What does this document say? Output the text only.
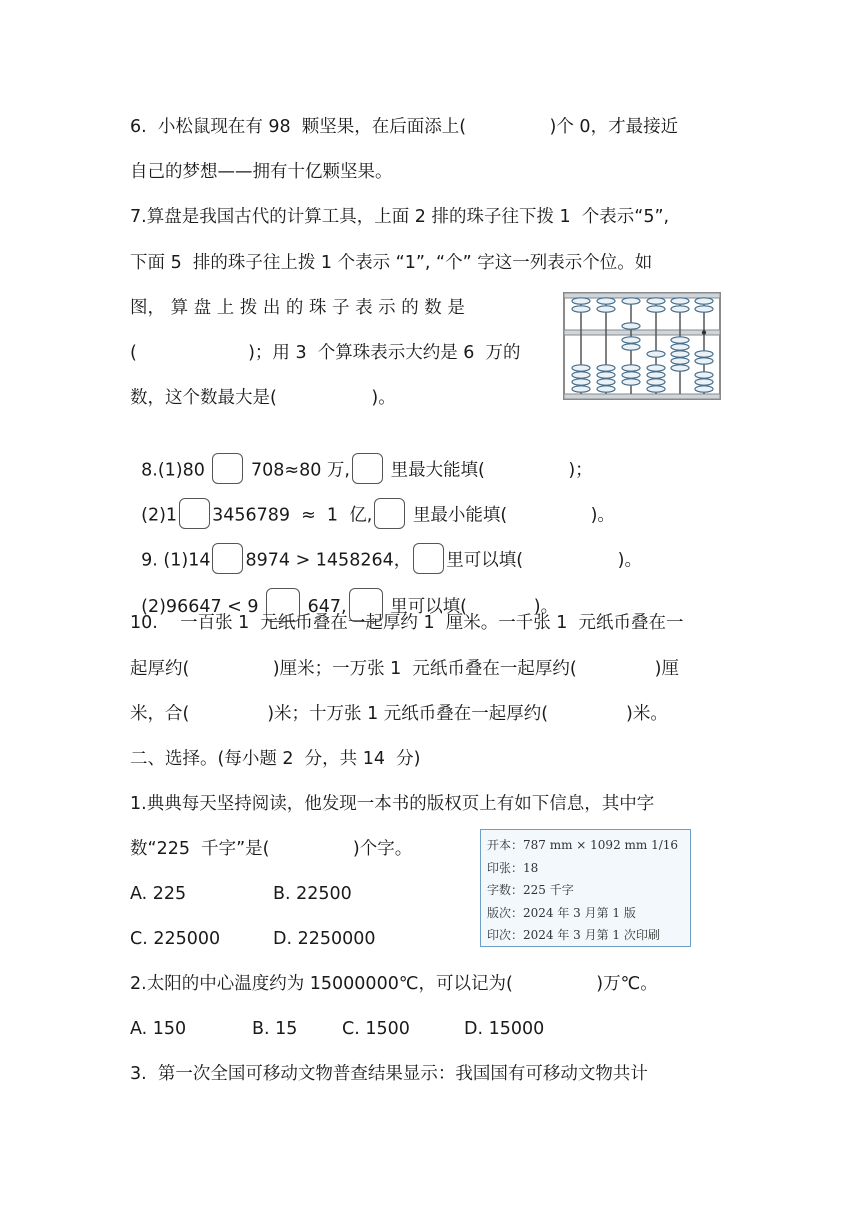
6.  小松鼠现在有 98  颗坚果，在后面添上(               )个 0，才最接近
自己的梦想——拥有十亿颗坚果。
7.算盘是我国古代的计算工具，上面 2 排的珠子往下拨 1  个表示“5”,
下面 5  排的珠子往上拨 1 个表示 “1”, “个” 字这一列表示个位。如
图， 算 盘 上 拨 出 的 珠 子 表 示 的 数 是
(                    )；用 3  个算珠表示大约是 6  万的
数，这个数最大是(                 )。

8.(1)80  708≈80 万, 里最大能填(               )；

(2)1 3456789  ≈  1  亿, 里最小能填(               )。

9. (1)14 8974 > 1458264， 里可以填(                 )。

(2)96647 < 9  647, 里可以填(            )。

10.    一百张 1  元纸币叠在一起厚约 1  厘米。一千张 1  元纸币叠在一
起厚约(               )厘米；一万张 1  元纸币叠在一起厚约(              )厘
米，合(              )米；十万张 1 元纸币叠在一起厚约(              )米。
二、选择。(每小题 2  分，共 14  分)
1.典典每天坚持阅读，他发现一本书的版权页上有如下信息，其中字
数“225  千字”是(               )个字。
A. 225	B. 22500
C. 225000	D. 2250000
开本：787 mm × 1092 mm 1/16
印张：18
字数：225 千字
版次：2024 年 3 月第 1 版
印次：2024 年 3 月第 1 次印刷
2.太阳的中心温度约为 15000000℃，可以记为(               )万℃。
A. 150	B. 15	C. 1500	D. 15000
3.  第一次全国可移动文物普查结果显示：我国国有可移动文物共计
